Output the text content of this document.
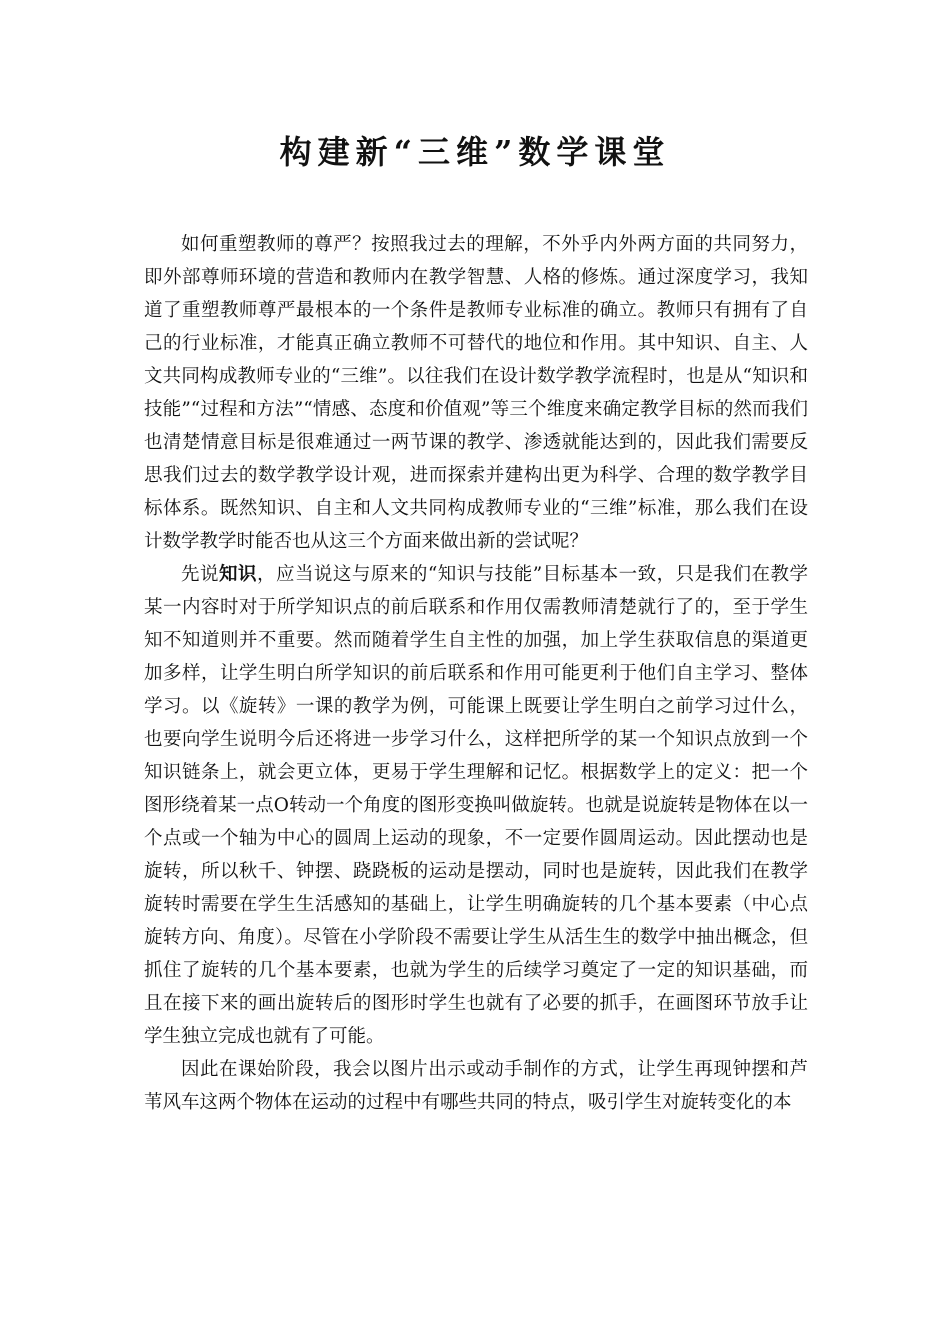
构建新“三维”数学课堂

如何重塑教师的尊严？按照我过去的理解，不外乎内外两方面的共同努力，即外部尊师环境的营造和教师内在教学智慧、人格的修炼。通过深度学习，我知道了重塑教师尊严最根本的一个条件是教师专业标准的确立。教师只有拥有了自己的行业标准，才能真正确立教师不可替代的地位和作用。其中知识、自主、人文共同构成教师专业的“三维”。以往我们在设计数学教学流程时，也是从“知识和技能”“过程和方法”“情感、态度和价值观”等三个维度来确定教学目标的然而我们也清楚情意目标是很难通过一两节课的教学、渗透就能达到的，因此我们需要反思我们过去的数学教学设计观，进而探索并建构出更为科学、合理的数学教学目标体系。既然知识、自主和人文共同构成教师专业的“三维”标准，那么我们在设计数学教学时能否也从这三个方面来做出新的尝试呢？

先说知识，应当说这与原来的“知识与技能”目标基本一致，只是我们在教学某一内容时对于所学知识点的前后联系和作用仅需教师清楚就行了的，至于学生知不知道则并不重要。然而随着学生自主性的加强，加上学生获取信息的渠道更加多样，让学生明白所学知识的前后联系和作用可能更利于他们自主学习、整体学习。以《旋转》一课的教学为例，可能课上既要让学生明白之前学习过什么，也要向学生说明今后还将进一步学习什么，这样把所学的某一个知识点放到一个知识链条上，就会更立体，更易于学生理解和记忆。根据数学上的定义：把一个图形绕着某一点O转动一个角度的图形变换叫做旋转。也就是说旋转是物体在以一个点或一个轴为中心的圆周上运动的现象，不一定要作圆周运动。因此摆动也是旋转，所以秋千、钟摆、跷跷板的运动是摆动，同时也是旋转，因此我们在教学旋转时需要在学生生活感知的基础上，让学生明确旋转的几个基本要素（中心点旋转方向、角度）。尽管在小学阶段不需要让学生从活生生的数学中抽出概念，但抓住了旋转的几个基本要素，也就为学生的后续学习奠定了一定的知识基础，而且在接下来的画出旋转后的图形时学生也就有了必要的抓手，在画图环节放手让学生独立完成也就有了可能。

因此在课始阶段，我会以图片出示或动手制作的方式，让学生再现钟摆和芦苇风车这两个物体在运动的过程中有哪些共同的特点，吸引学生对旋转变化的本
